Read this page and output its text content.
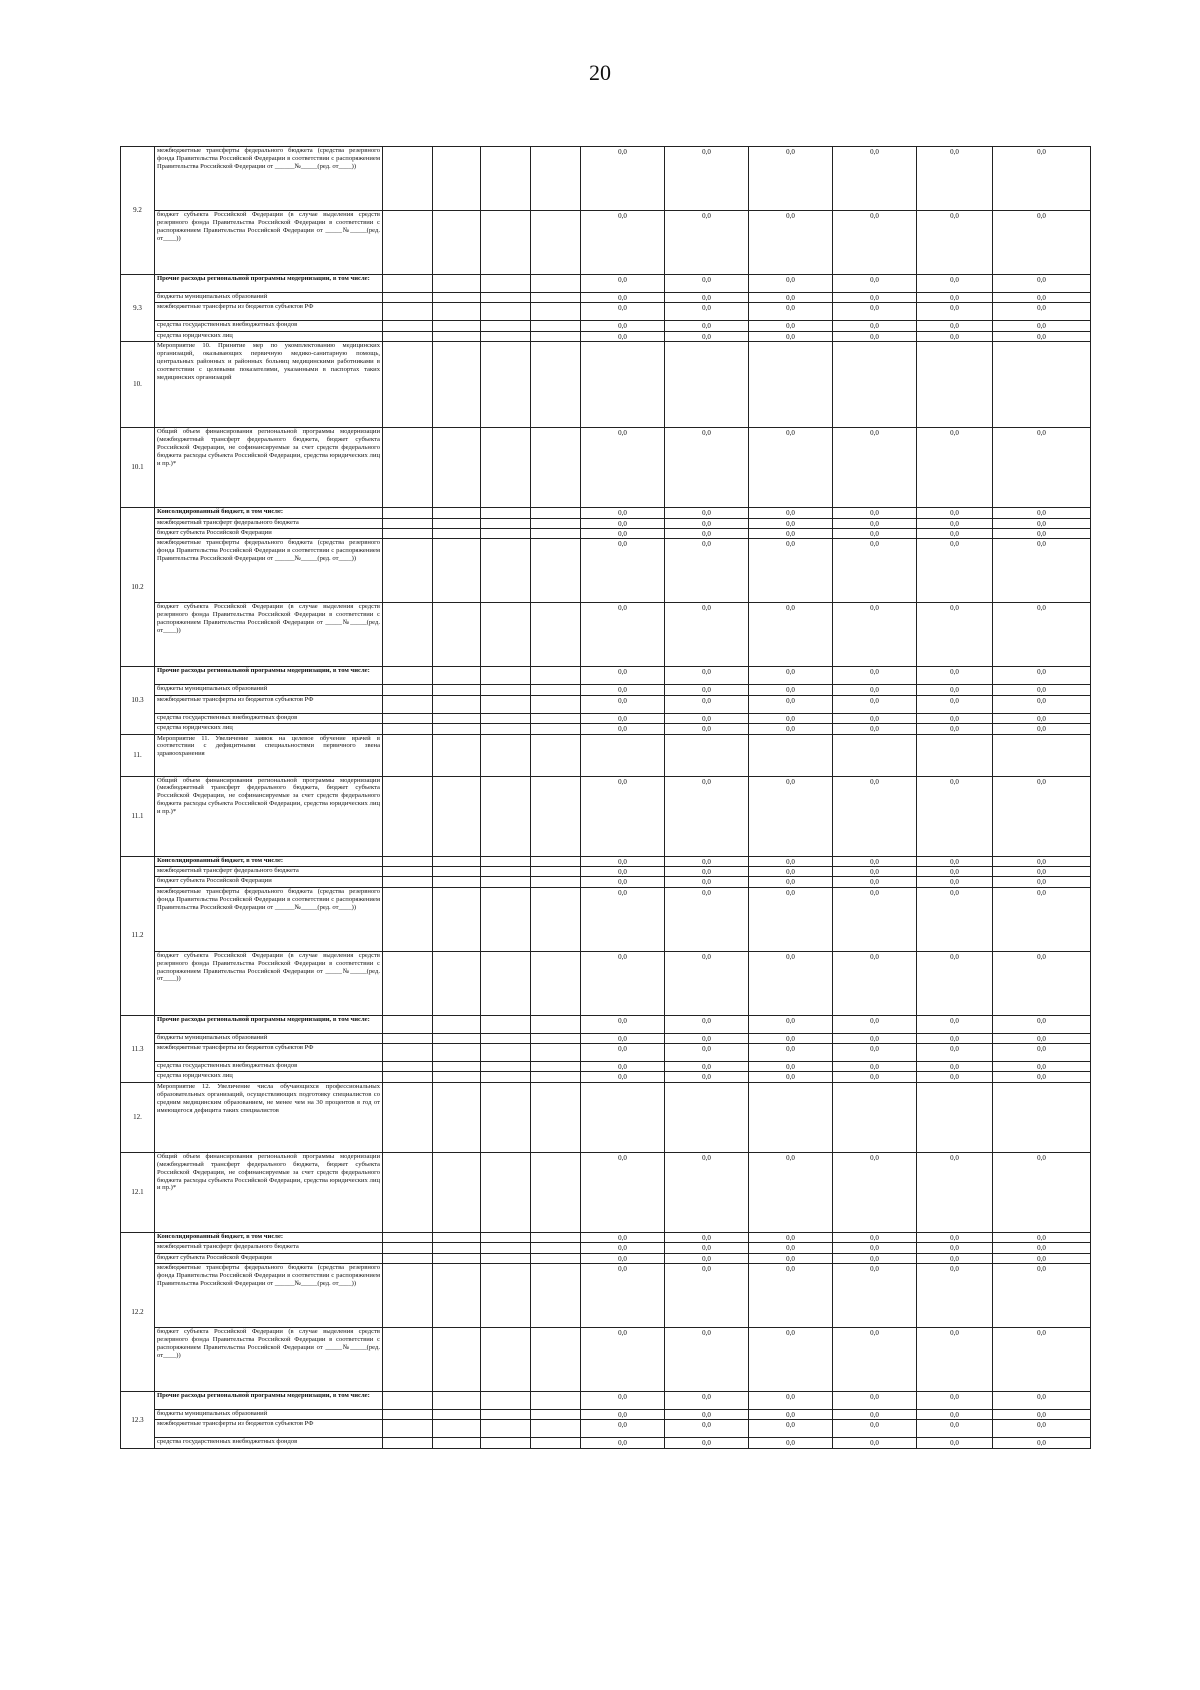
20
9.2	межбюджетные трансферты федерального бюджета (средства резервного фонда Правительства Российской Федерации в соответствии с распоряжением Правительства Российской Федерации от ______№_____(ред. от____))					0,0	0,0	0,0	0,0	0,0	0,0
	бюджет субъекта Российской Федерации (в случае выделения средств резервного фонда Правительства Российской Федерации в соответствии с распоряжением Правительства Российской Федерации от _____№_____(ред. от____))					0,0	0,0	0,0	0,0	0,0	0,0
9.3	Прочие расходы региональной программы модернизации, в том числе:					0,0	0,0	0,0	0,0	0,0	0,0
	бюджеты муниципальных образований					0,0	0,0	0,0	0,0	0,0	0,0
	межбюджетные трансферты из бюджетов субъектов РФ					0,0	0,0	0,0	0,0	0,0	0,0
	средства государственных внебюджетных фондов					0,0	0,0	0,0	0,0	0,0	0,0
	средства юридических лиц					0,0	0,0	0,0	0,0	0,0	0,0
10.	Мероприятие 10. Принятие мер по укомплектованию медицинских организаций, оказывающих первичную медико-санитарную помощь, центральных районных и районных больниц медицинскими работниками в соответствии с целевыми показателями, указанными в паспортах таких медицинских организаций										
10.1	Общий объем финансирования региональной программы модернизации (межбюджетный трансферт федерального бюджета, бюджет субъекта Российской Федерации, не софинансируемые за счет средств федерального бюджета расходы субъекта Российской Федерации, средства юридических лиц и пр.)*					0,0	0,0	0,0	0,0	0,0	0,0
10.2	Консолидированный бюджет, в том числе:					0,0	0,0	0,0	0,0	0,0	0,0
	межбюджетный трансферт федерального бюджета					0,0	0,0	0,0	0,0	0,0	0,0
	бюджет субъекта Российской Федерации					0,0	0,0	0,0	0,0	0,0	0,0
	межбюджетные трансферты федерального бюджета (средства резервного фонда Правительства Российской Федерации в соответствии с распоряжением Правительства Российской Федерации от ______№_____(ред. от____))					0,0	0,0	0,0	0,0	0,0	0,0
	бюджет субъекта Российской Федерации (в случае выделения средств резервного фонда Правительства Российской Федерации в соответствии с распоряжением Правительства Российской Федерации от _____№_____(ред. от____))					0,0	0,0	0,0	0,0	0,0	0,0
10.3	Прочие расходы региональной программы модернизации, в том числе:					0,0	0,0	0,0	0,0	0,0	0,0
	бюджеты муниципальных образований					0,0	0,0	0,0	0,0	0,0	0,0
	межбюджетные трансферты из бюджетов субъектов РФ					0,0	0,0	0,0	0,0	0,0	0,0
	средства государственных внебюджетных фондов					0,0	0,0	0,0	0,0	0,0	0,0
	средства юридических лиц					0,0	0,0	0,0	0,0	0,0	0,0
11.	Мероприятие 11. Увеличение заявок на целевое обучение врачей в соответствии с дефицитными специальностями первичного звена здравоохранения										
11.1	Общий объем финансирования региональной программы модернизации (межбюджетный трансферт федерального бюджета, бюджет субъекта Российской Федерации, не софинансируемые за счет средств федерального бюджета расходы субъекта Российской Федерации, средства юридических лиц и пр.)*					0,0	0,0	0,0	0,0	0,0	0,0
11.2	Консолидированный бюджет, в том числе:					0,0	0,0	0,0	0,0	0,0	0,0
	межбюджетный трансферт федерального бюджета					0,0	0,0	0,0	0,0	0,0	0,0
	бюджет субъекта Российской Федерации					0,0	0,0	0,0	0,0	0,0	0,0
	межбюджетные трансферты федерального бюджета (средства резервного фонда Правительства Российской Федерации в соответствии с распоряжением Правительства Российской Федерации от ______№_____(ред. от____))					0,0	0,0	0,0	0,0	0,0	0,0
	бюджет субъекта Российской Федерации (в случае выделения средств резервного фонда Правительства Российской Федерации в соответствии с распоряжением Правительства Российской Федерации от _____№_____(ред. от____))					0,0	0,0	0,0	0,0	0,0	0,0
11.3	Прочие расходы региональной программы модернизации, в том числе:					0,0	0,0	0,0	0,0	0,0	0,0
	бюджеты муниципальных образований					0,0	0,0	0,0	0,0	0,0	0,0
	межбюджетные трансферты из бюджетов субъектов РФ					0,0	0,0	0,0	0,0	0,0	0,0
	средства государственных внебюджетных фондов					0,0	0,0	0,0	0,0	0,0	0,0
	средства юридических лиц					0,0	0,0	0,0	0,0	0,0	0,0
12.	Мероприятие 12. Увеличение числа обучающихся профессиональных образовательных организаций, осуществляющих подготовку специалистов со средним медицинским образованием, не менее чем на 30 процентов в год от имеющегося дефицита таких специалистов										
12.1	Общий объем финансирования региональной программы модернизации (межбюджетный трансферт федерального бюджета, бюджет субъекта Российской Федерации, не софинансируемые за счет средств федерального бюджета расходы субъекта Российской Федерации, средства юридических лиц и пр.)*					0,0	0,0	0,0	0,0	0,0	0,0
12.2	Консолидированный бюджет, в том числе:					0,0	0,0	0,0	0,0	0,0	0,0
	межбюджетный трансферт федерального бюджета					0,0	0,0	0,0	0,0	0,0	0,0
	бюджет субъекта Российской Федерации					0,0	0,0	0,0	0,0	0,0	0,0
	межбюджетные трансферты федерального бюджета (средства резервного фонда Правительства Российской Федерации в соответствии с распоряжением Правительства Российской Федерации от ______№_____(ред. от____))					0,0	0,0	0,0	0,0	0,0	0,0
	бюджет субъекта Российской Федерации (в случае выделения средств резервного фонда Правительства Российской Федерации в соответствии с распоряжением Правительства Российской Федерации от _____№_____(ред. от____))					0,0	0,0	0,0	0,0	0,0	0,0
12.3	Прочие расходы региональной программы модернизации, в том числе:					0,0	0,0	0,0	0,0	0,0	0,0
	бюджеты муниципальных образований					0,0	0,0	0,0	0,0	0,0	0,0
	межбюджетные трансферты из бюджетов субъектов РФ					0,0	0,0	0,0	0,0	0,0	0,0
	средства государственных внебюджетных фондов					0,0	0,0	0,0	0,0	0,0	0,0
